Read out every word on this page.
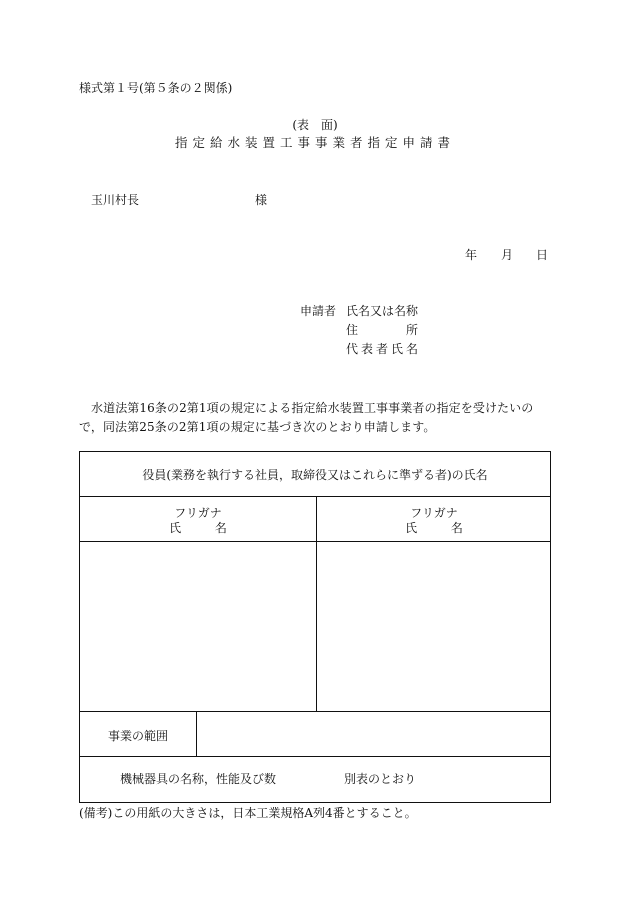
様式第１号(第５条の２関係)
(表　面)
指定給水装置工事事業者指定申請書
玉川村長	様
年 月 日
申請者 氏名又は名称
住	所
代表者氏名
水道法第16条の2第1項の規定による指定給水装置工事事業者の指定を受けたいので，同法第25条の2第1項の規定に基づき次のとおり申請します。
役員(業務を執行する社員，取締役又はこれらに準ずる者)の氏名
フリガナ
氏	名
フリガナ
氏	名
事業の範囲
機械器具の名称，性能及び数	別表のとおり
(備考)この用紙の大きさは，日本工業規格A列4番とすること。
